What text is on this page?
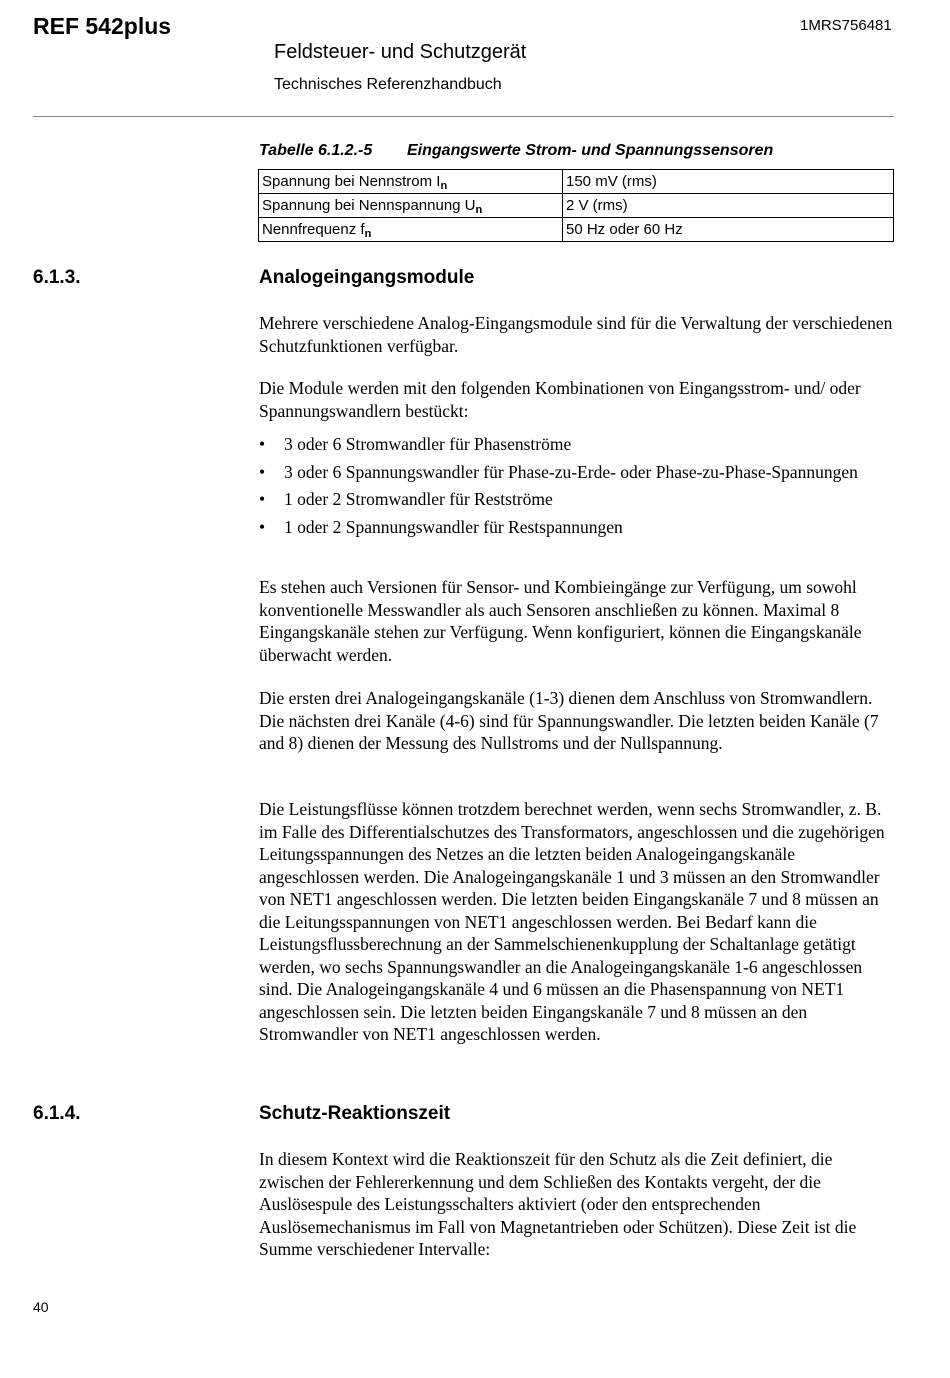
REF 542plus	1MRS756481
Feldsteuer- und Schutzgerät
Technisches Referenzhandbuch
Tabelle 6.1.2.-5 Eingangswerte Strom- und Spannungssensoren
Spannung bei Nennstrom $I_n$	150 mV (rms)
Spannung bei Nennspannung $U_n$	2 V (rms)
Nennfrequenz $f_n$	50 Hz oder 60 Hz
6.1.3.	Analogeingangsmodule

Mehrere verschiedene Analog-Eingangsmodule sind für die Verwaltung der verschiedenen Schutzfunktionen verfügbar.

Die Module werden mit den folgenden Kombinationen von Eingangsstrom- und/ oder Spannungswandlern bestückt:

• 3 oder 6 Stromwandler für Phasenströme
• 3 oder 6 Spannungswandler für Phase-zu-Erde- oder Phase-zu-Phase-Spannungen
• 1 oder 2 Stromwandler für Restströme
• 1 oder 2 Spannungswandler für Restspannungen

Es stehen auch Versionen für Sensor- und Kombieingänge zur Verfügung, um sowohl konventionelle Messwandler als auch Sensoren anschließen zu können. Maximal 8 Eingangskanäle stehen zur Verfügung. Wenn konfiguriert, können die Eingangskanäle überwacht werden.

Die ersten drei Analogeingangskanäle (1-3) dienen dem Anschluss von Stromwandlern. Die nächsten drei Kanäle (4-6) sind für Spannungswandler. Die letzten beiden Kanäle (7 and 8) dienen der Messung des Nullstroms und der Nullspannung.

Die Leistungsflüsse können trotzdem berechnet werden, wenn sechs Stromwandler, z. B. im Falle des Differentialschutzes des Transformators, angeschlossen und die zugehörigen Leitungsspannungen des Netzes an die letzten beiden Analogeingangskanäle angeschlossen werden. Die Analogeingangskanäle 1 und 3 müssen an den Stromwandler von NET1 angeschlossen werden. Die letzten beiden Eingangskanäle 7 und 8 müssen an die Leitungsspannungen von NET1 angeschlossen werden. Bei Bedarf kann die Leistungsflussberechnung an der Sammelschienenkupplung der Schaltanlage getätigt werden, wo sechs Spannungswandler an die Analogeingangskanäle 1-6 angeschlossen sind. Die Analogeingangskanäle 4 und 6 müssen an die Phasenspannung von NET1 angeschlossen sein. Die letzten beiden Eingangskanäle 7 und 8 müssen an den Stromwandler von NET1 angeschlossen werden.

6.1.4.	Schutz-Reaktionszeit

In diesem Kontext wird die Reaktionszeit für den Schutz als die Zeit definiert, die zwischen der Fehlererkennung und dem Schließen des Kontakts vergeht, der die Auslösespule des Leistungsschalters aktiviert (oder den entsprechenden Auslösemechanismus im Fall von Magnetantrieben oder Schützen). Diese Zeit ist die Summe verschiedener Intervalle:

40
